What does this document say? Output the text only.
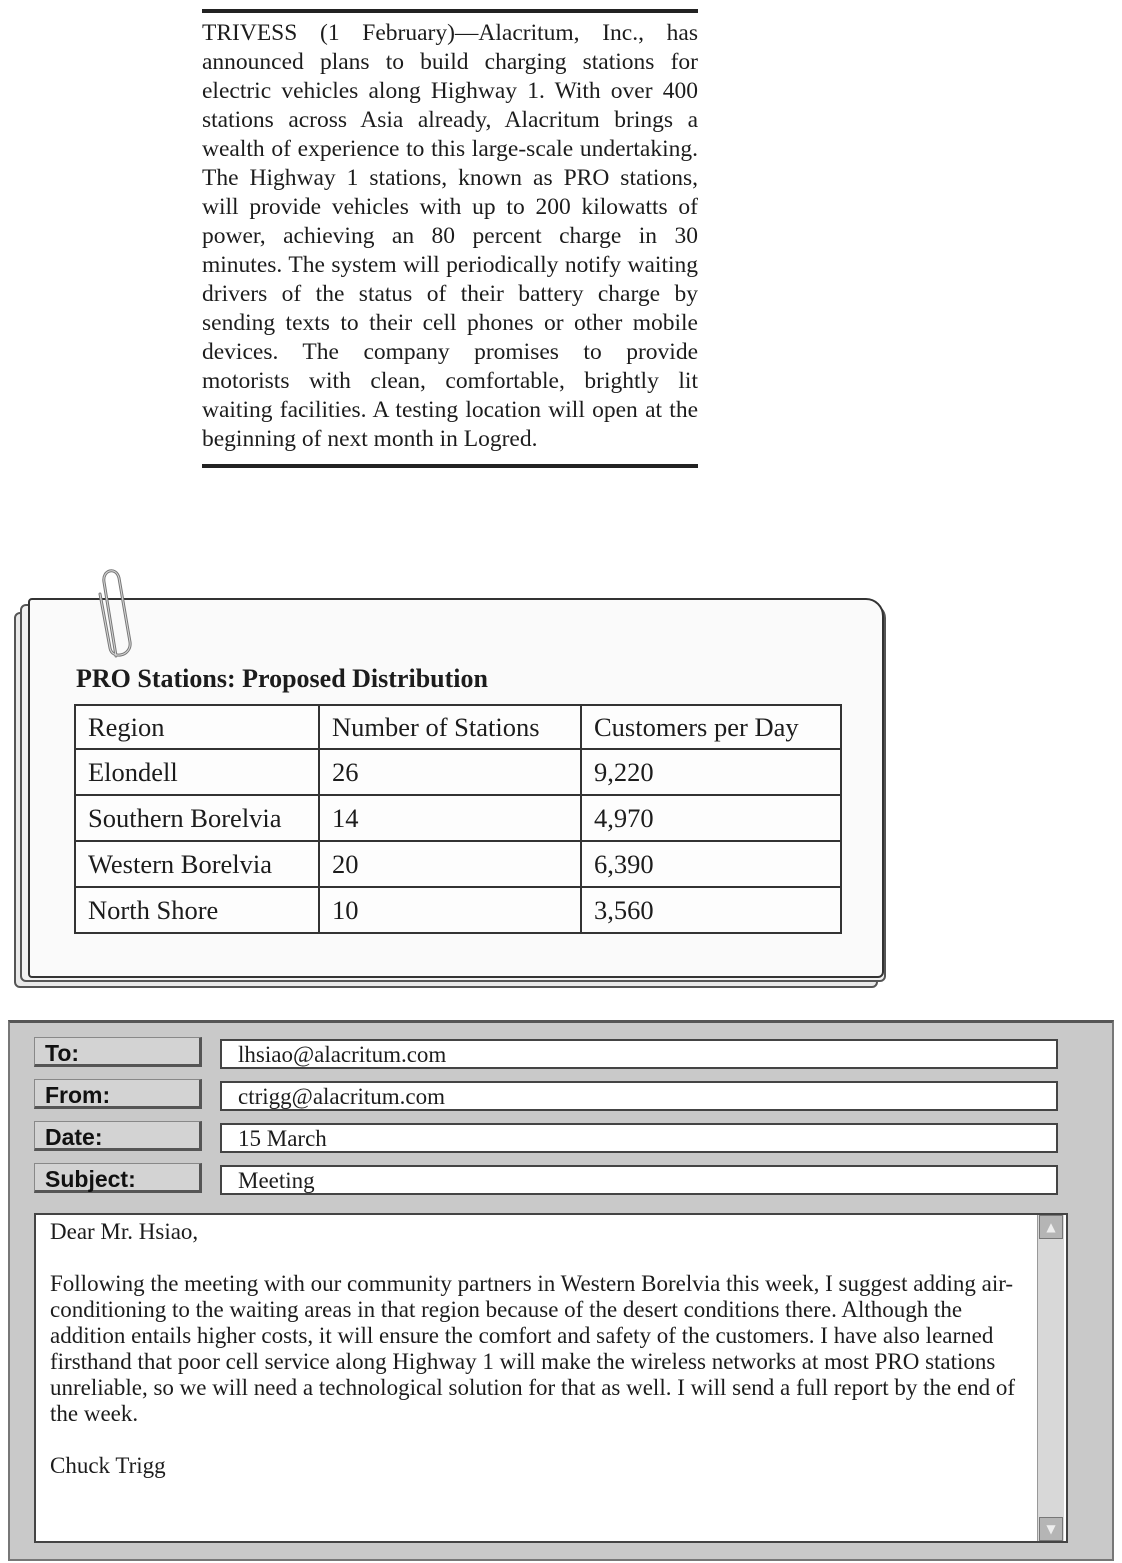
TRIVESS (1 February)—Alacritum, Inc., has announced plans to build charging stations for electric vehicles along Highway 1. With over 400 stations across Asia already, Alacritum brings a wealth of experience to this large-scale undertaking. The Highway 1 stations, known as PRO stations, will provide vehicles with up to 200 kilowatts of power, achieving an 80 percent charge in 30 minutes. The system will periodically notify waiting drivers of the status of their battery charge by sending texts to their cell phones or other mobile devices. The company promises to provide motorists with clean, comfortable, brightly lit waiting facilities. A testing location will open at the beginning of next month in Logred.

PRO Stations: Proposed Distribution
Region	Number of Stations	Customers per Day
Elondell	26	9,220
Southern Borelvia	14	4,970
Western Borelvia	20	6,390
North Shore	10	3,560
To:	lhsiao@alacritum.com
From:	ctrigg@alacritum.com
Date:	15 March
Subject:	Meeting

Dear Mr. Hsiao,

Following the meeting with our community partners in Western Borelvia this week, I suggest adding air-conditioning to the waiting areas in that region because of the desert conditions there. Although the addition entails higher costs, it will ensure the comfort and safety of the customers. I have also learned firsthand that poor cell service along Highway 1 will make the wireless networks at most PRO stations unreliable, so we will need a technological solution for that as well. I will send a full report by the end of the week.

Chuck Trigg

▲
▼
